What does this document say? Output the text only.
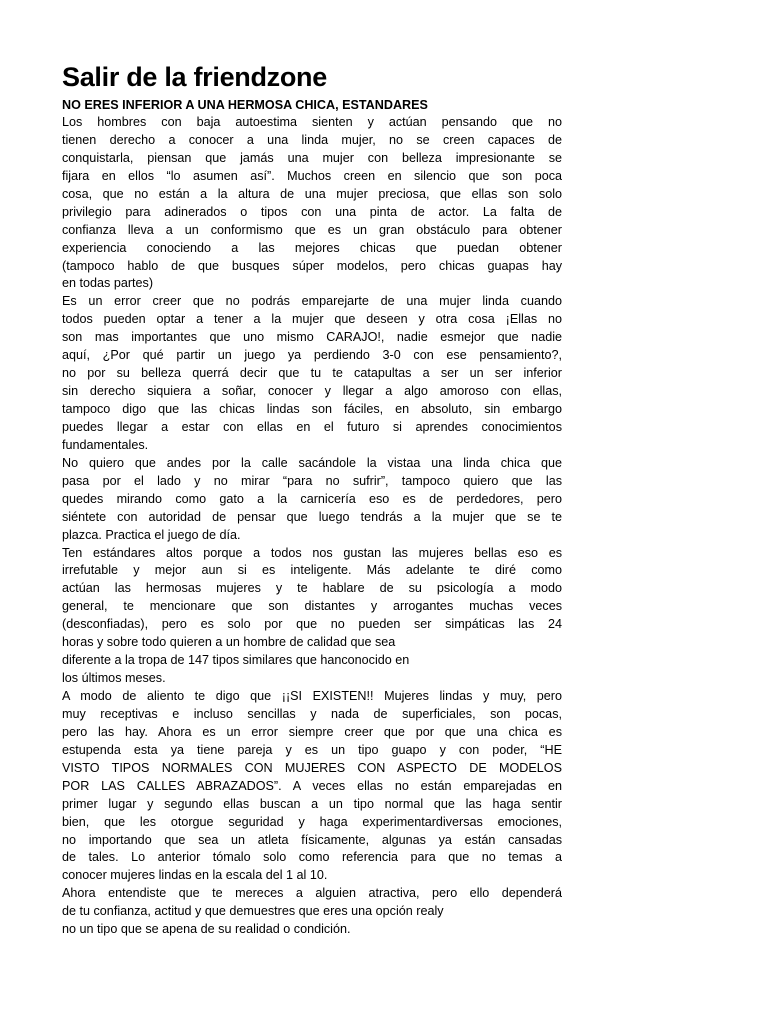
Salir de la friendzone
NO ERES INFERIOR A UNA HERMOSA CHICA, ESTANDARES
Los hombres con baja autoestima sienten y actúan pensando que no
tienen derecho a conocer a una linda mujer, no se creen capaces de
conquistarla, piensan que jamás una mujer con belleza impresionante se
fijara en ellos “lo asumen así”. Muchos creen en silencio que son poca
cosa, que no están a la altura de una mujer preciosa, que ellas son solo
privilegio para adinerados o tipos con una pinta de actor. La falta de
confianza lleva a un conformismo que es un gran obstáculo para obtener
experiencia conociendo a las mejores chicas que puedan obtener
(tampoco hablo de que busques súper modelos, pero chicas guapas hay
en todas partes)
Es un error creer que no podrás emparejarte de una mujer linda cuando
todos pueden optar a tener a la mujer que deseen y otra cosa ¡Ellas no
son mas importantes que uno mismo CARAJO!, nadie esmejor que nadie
aquí, ¿Por qué partir un juego ya perdiendo 3-0 con ese pensamiento?,
no por su belleza querrá decir que tu te catapultas a ser un ser inferior
sin derecho siquiera a soñar, conocer y llegar a algo amoroso con ellas,
tampoco digo que las chicas lindas son fáciles, en absoluto, sin embargo
puedes llegar a estar con ellas en el futuro si aprendes conocimientos
fundamentales.
No quiero que andes por la calle sacándole la vistaa una linda chica que
pasa por el lado y no mirar “para no sufrir”, tampoco quiero que las
quedes mirando como gato a la carnicería eso es de perdedores, pero
siéntete con autoridad de pensar que luego tendrás a la mujer que se te
plazca. Practica el juego de día.
Ten estándares altos porque a todos nos gustan las mujeres bellas eso es
irrefutable y mejor aun si es inteligente. Más adelante te diré como
actúan las hermosas mujeres y te hablare de su psicología a modo
general, te mencionare que son distantes y arrogantes muchas veces
(desconfiadas), pero es solo por que no pueden ser simpáticas las 24
horas y sobre todo quieren a un hombre de calidad que sea
diferente a la tropa de 147 tipos similares que hanconocido en
los últimos meses.
A modo de aliento te digo que ¡¡SI EXISTEN!! Mujeres lindas y muy, pero
muy receptivas e incluso sencillas y nada de superficiales, son pocas,
pero las hay. Ahora es un error siempre creer que por que una chica es
estupenda esta ya tiene pareja y es un tipo guapo y con poder, “HE
VISTO TIPOS NORMALES CON MUJERES CON ASPECTO DE MODELOS
POR LAS CALLES ABRAZADOS”. A veces ellas no están emparejadas en
primer lugar y segundo ellas buscan a un tipo normal que las haga sentir
bien, que les otorgue seguridad y haga experimentardiversas emociones,
no importando que sea un atleta físicamente, algunas ya están cansadas
de tales. Lo anterior tómalo solo como referencia para que no temas a
conocer mujeres lindas en la escala del 1 al 10.
Ahora entendiste que te mereces a alguien atractiva, pero ello dependerá
de tu confianza, actitud y que demuestres que eres una opción realy
no un tipo que se apena de su realidad o condición.
